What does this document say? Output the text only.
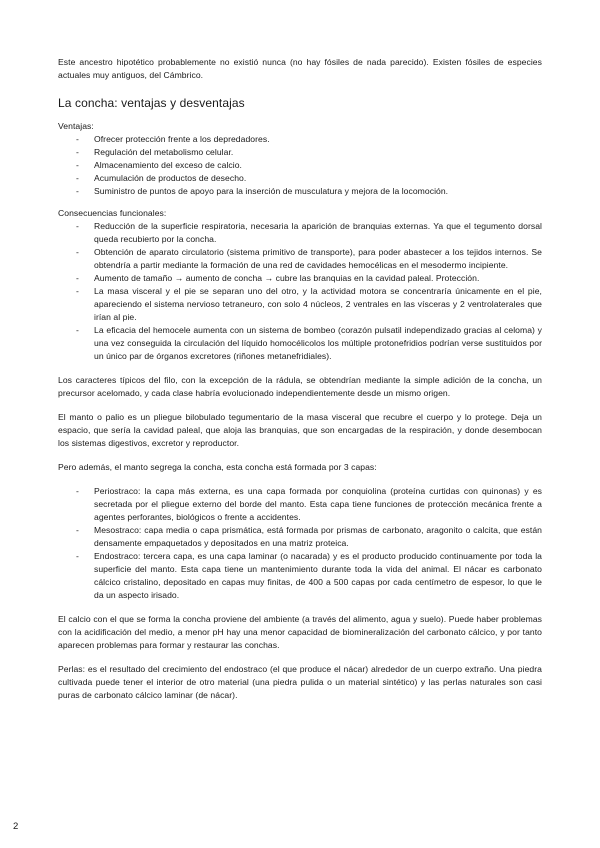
Este ancestro hipotético probablemente no existió nunca (no hay fósiles de nada parecido). Existen fósiles de especies actuales muy antiguos, del Cámbrico.

La concha: ventajas y desventajas

Ventajas:

- Ofrecer protección frente a los depredadores.
- Regulación del metabolismo celular.
- Almacenamiento del exceso de calcio.
- Acumulación de productos de desecho.
- Suministro de puntos de apoyo para la inserción de musculatura y mejora de la locomoción.

Consecuencias funcionales:

- Reducción de la superficie respiratoria, necesaria la aparición de branquias externas. Ya que el tegumento dorsal queda recubierto por la concha.
- Obtención de aparato circulatorio (sistema primitivo de transporte), para poder abastecer a los tejidos internos. Se obtendría a partir mediante la formación de una red de cavidades hemocélicas en el mesodermo incipiente.
- Aumento de tamaño → aumento de concha → cubre las branquias en la cavidad paleal. Protección.
- La masa visceral y el pie se separan uno del otro, y la actividad motora se concentraría únicamente en el pie, apareciendo el sistema nervioso tetraneuro, con solo 4 núcleos, 2 ventrales en las vísceras y 2 ventrolaterales que irían al pie.
- La eficacia del hemocele aumenta con un sistema de bombeo (corazón pulsatil independizado gracias al celoma) y una vez conseguida la circulación del líquido homocélicolos los múltiple protonefridios podrían verse sustituidos por un único par de órganos excretores (riñones metanefridiales).

Los caracteres típicos del filo, con la excepción de la rádula, se obtendrían mediante la simple adición de la concha, un precursor acelomado, y cada clase habría evolucionado independientemente desde un mismo origen.

El manto o palio es un pliegue bilobulado tegumentario de la masa visceral que recubre el cuerpo y lo protege. Deja un espacio, que sería la cavidad paleal, que aloja las branquias, que son encargadas de la respiración, y donde desembocan los sistemas digestivos, excretor y reproductor.

Pero además, el manto segrega la concha, esta concha está formada por 3 capas:

- Periostraco: la capa más externa, es una capa formada por conquiolina (proteína curtidas con quinonas) y es secretada por el pliegue externo del borde del manto. Esta capa tiene funciones de protección mecánica frente a agentes perforantes, biológicos o frente a accidentes.
- Mesostraco: capa media o capa prismática, está formada por prismas de carbonato, aragonito o calcita, que están densamente empaquetados y depositados en una matriz proteica.
- Endostraco: tercera capa, es una capa laminar (o nacarada) y es el producto producido continuamente por toda la superficie del manto. Esta capa tiene un mantenimiento durante toda la vida del animal. El nácar es carbonato cálcico cristalino, depositado en capas muy finitas, de 400 a 500 capas por cada centímetro de espesor, lo que le da un aspecto irisado.

El calcio con el que se forma la concha proviene del ambiente (a través del alimento, agua y suelo). Puede haber problemas con la acidificación del medio, a menor pH hay una menor capacidad de biomineralización del carbonato cálcico, y por tanto aparecen problemas para formar y restaurar las conchas.

Perlas: es el resultado del crecimiento del endostraco (el que produce el nácar) alrededor de un cuerpo extraño. Una piedra cultivada puede tener el interior de otro material (una piedra pulida o un material sintético) y las perlas naturales son casi puras de carbonato cálcico laminar (de nácar).

2
